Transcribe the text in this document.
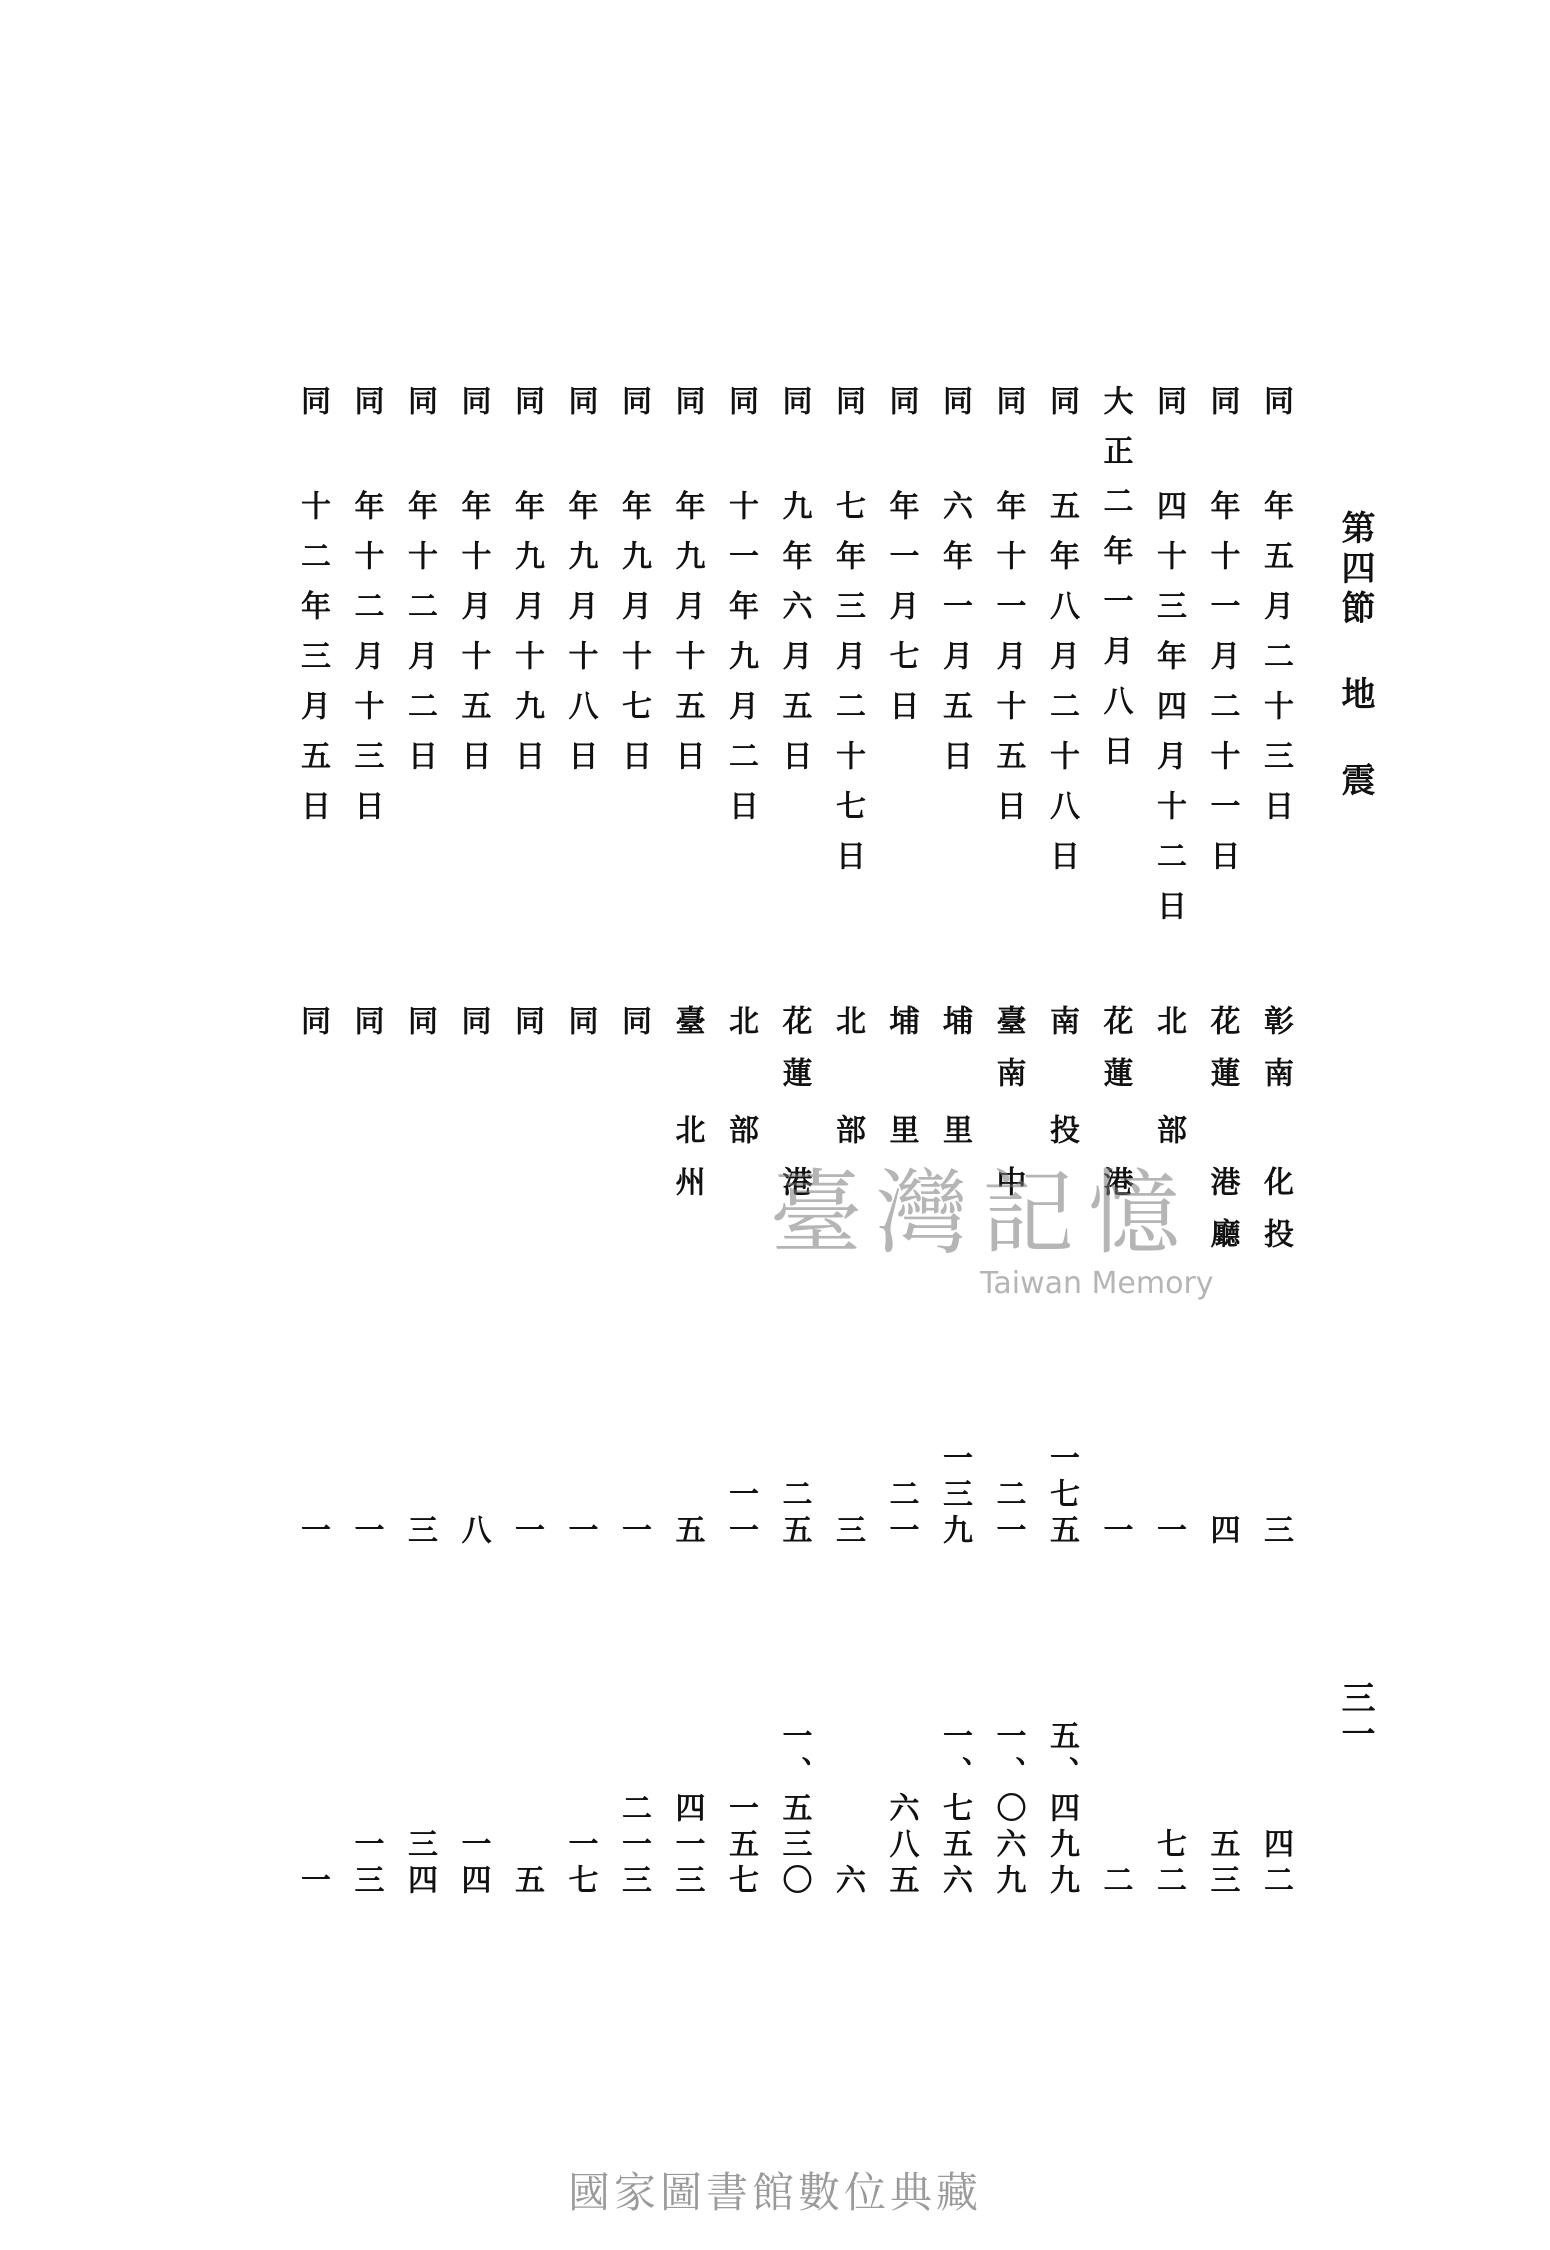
第四節 地 震
三一
同 年五月二十三日
彰南 化投
三
四二
同 年十一月二十一日
花蓮 港廳
四
五三
同 四十三年四月十二日
北 部
一
七二
大正二年一月八日
花蓮 港
一
二
同 五年八月二十八日
南 投
一七五
五、四九九
同 年十一月十五日
臺南 中
二一
一、〇六九
同 六年一月五日
埔 里
一三九
一、七五六
同 年一月七日
埔 里
二一
六八五
同 七年三月二十七日
北 部
三
六
同 九年六月五日
花蓮 港
二五
一、五三〇
同 十一年九月二日
北 部
一一
一五七
同 年九月十五日
臺 北州
五
四一三
同 年九月十七日
同
一
二一三
同 年九月十八日
同
一
一七
同 年九月十九日
同
一
五
同 年十月十五日
同
八
一四
同 年十二月二日
同
三
三四
同 年十二月十三日
同
一
一三
同 十二年三月五日
同
一
一
臺灣記憶
Taiwan Memory
國家圖書館數位典藏
